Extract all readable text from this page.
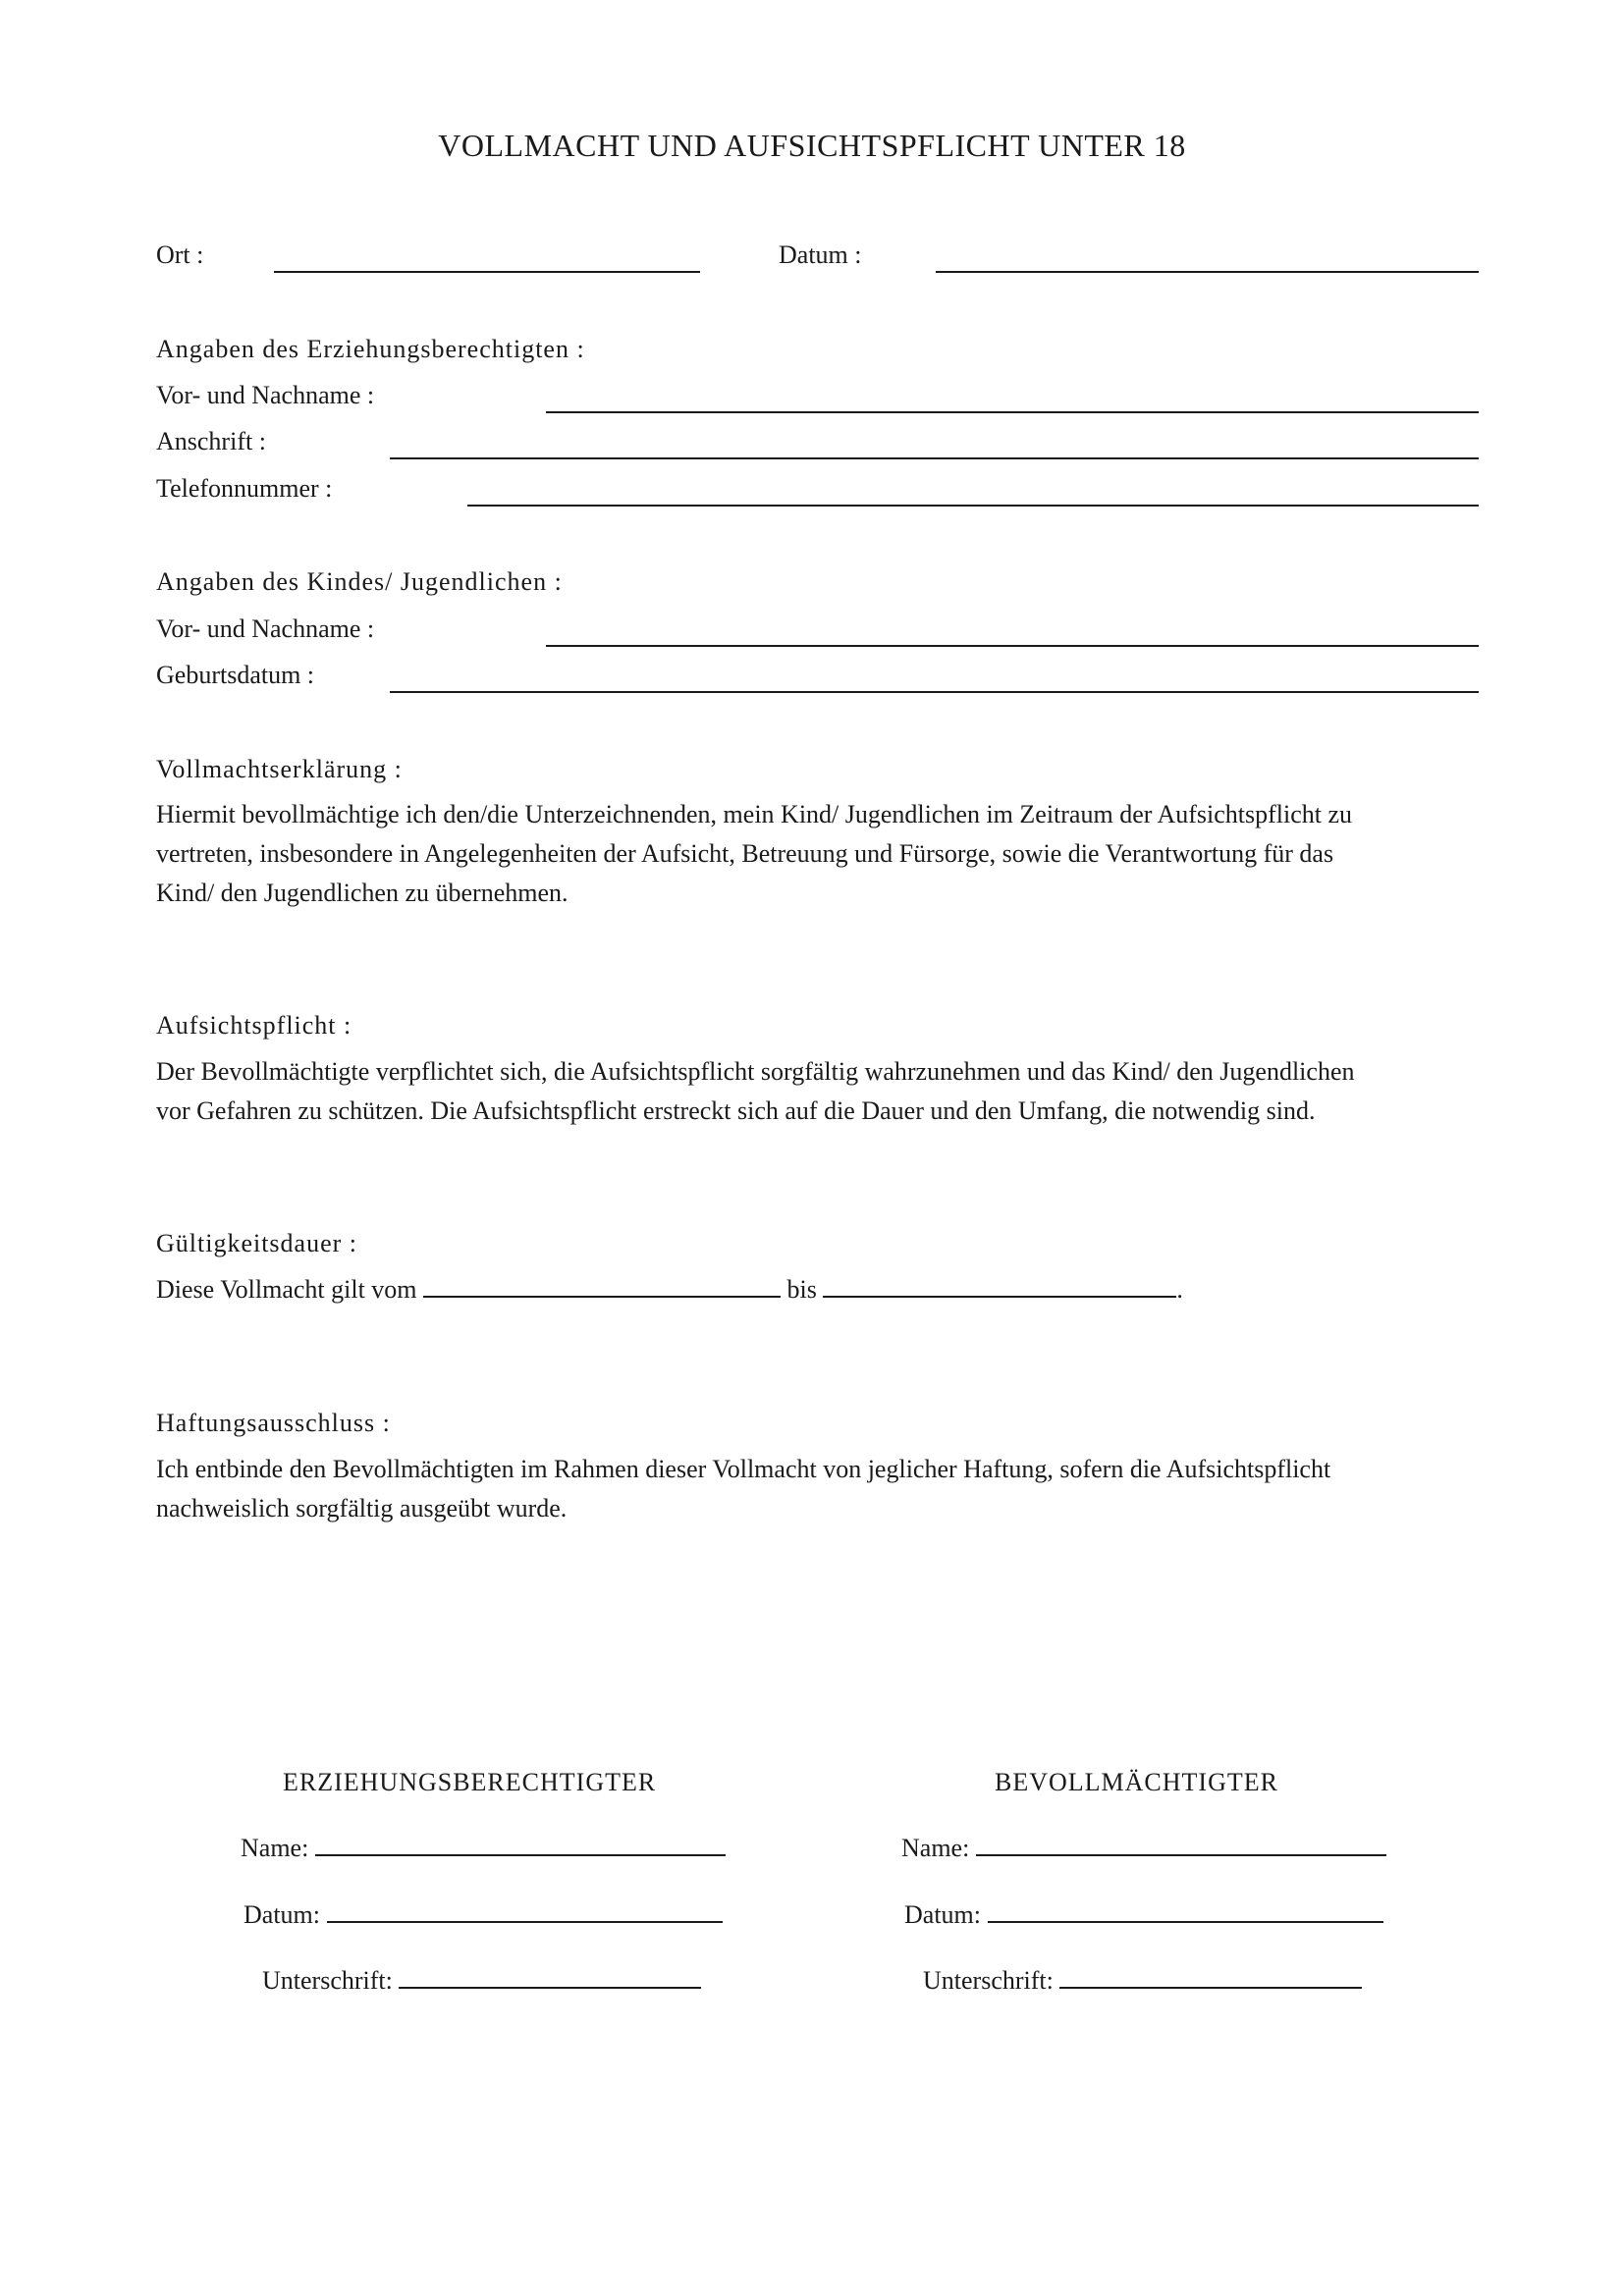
VOLLMACHT UND AUFSICHTSPFLICHT UNTER 18
Ort :	Datum :
Angaben des Erziehungsberechtigten :
Vor- und Nachname :
Anschrift :
Telefonnummer :
Angaben des Kindes/ Jugendlichen :
Vor- und Nachname :
Geburtsdatum :
Vollmachtserklärung :
Hiermit bevollmächtige ich den/die Unterzeichnenden, mein Kind/ Jugendlichen im Zeitraum der Aufsichtspflicht zu
vertreten, insbesondere in Angelegenheiten der Aufsicht, Betreuung und Fürsorge, sowie die Verantwortung für das
Kind/ den Jugendlichen zu übernehmen.
Aufsichtspflicht :
Der Bevollmächtigte verpflichtet sich, die Aufsichtspflicht sorgfältig wahrzunehmen und das Kind/ den Jugendlichen
vor Gefahren zu schützen. Die Aufsichtspflicht erstreckt sich auf die Dauer und den Umfang, die notwendig sind.
Gültigkeitsdauer :
Diese Vollmacht gilt vom	bis	.
Haftungsausschluss :
Ich entbinde den Bevollmächtigten im Rahmen dieser Vollmacht von jeglicher Haftung, sofern die Aufsichtspflicht
nachweislich sorgfältig ausgeübt wurde.
ERZIEHUNGSBERECHTIGTER
Name:
Datum:
Unterschrift:
BEVOLLMÄCHTIGTER
Name:
Datum:
Unterschrift:
